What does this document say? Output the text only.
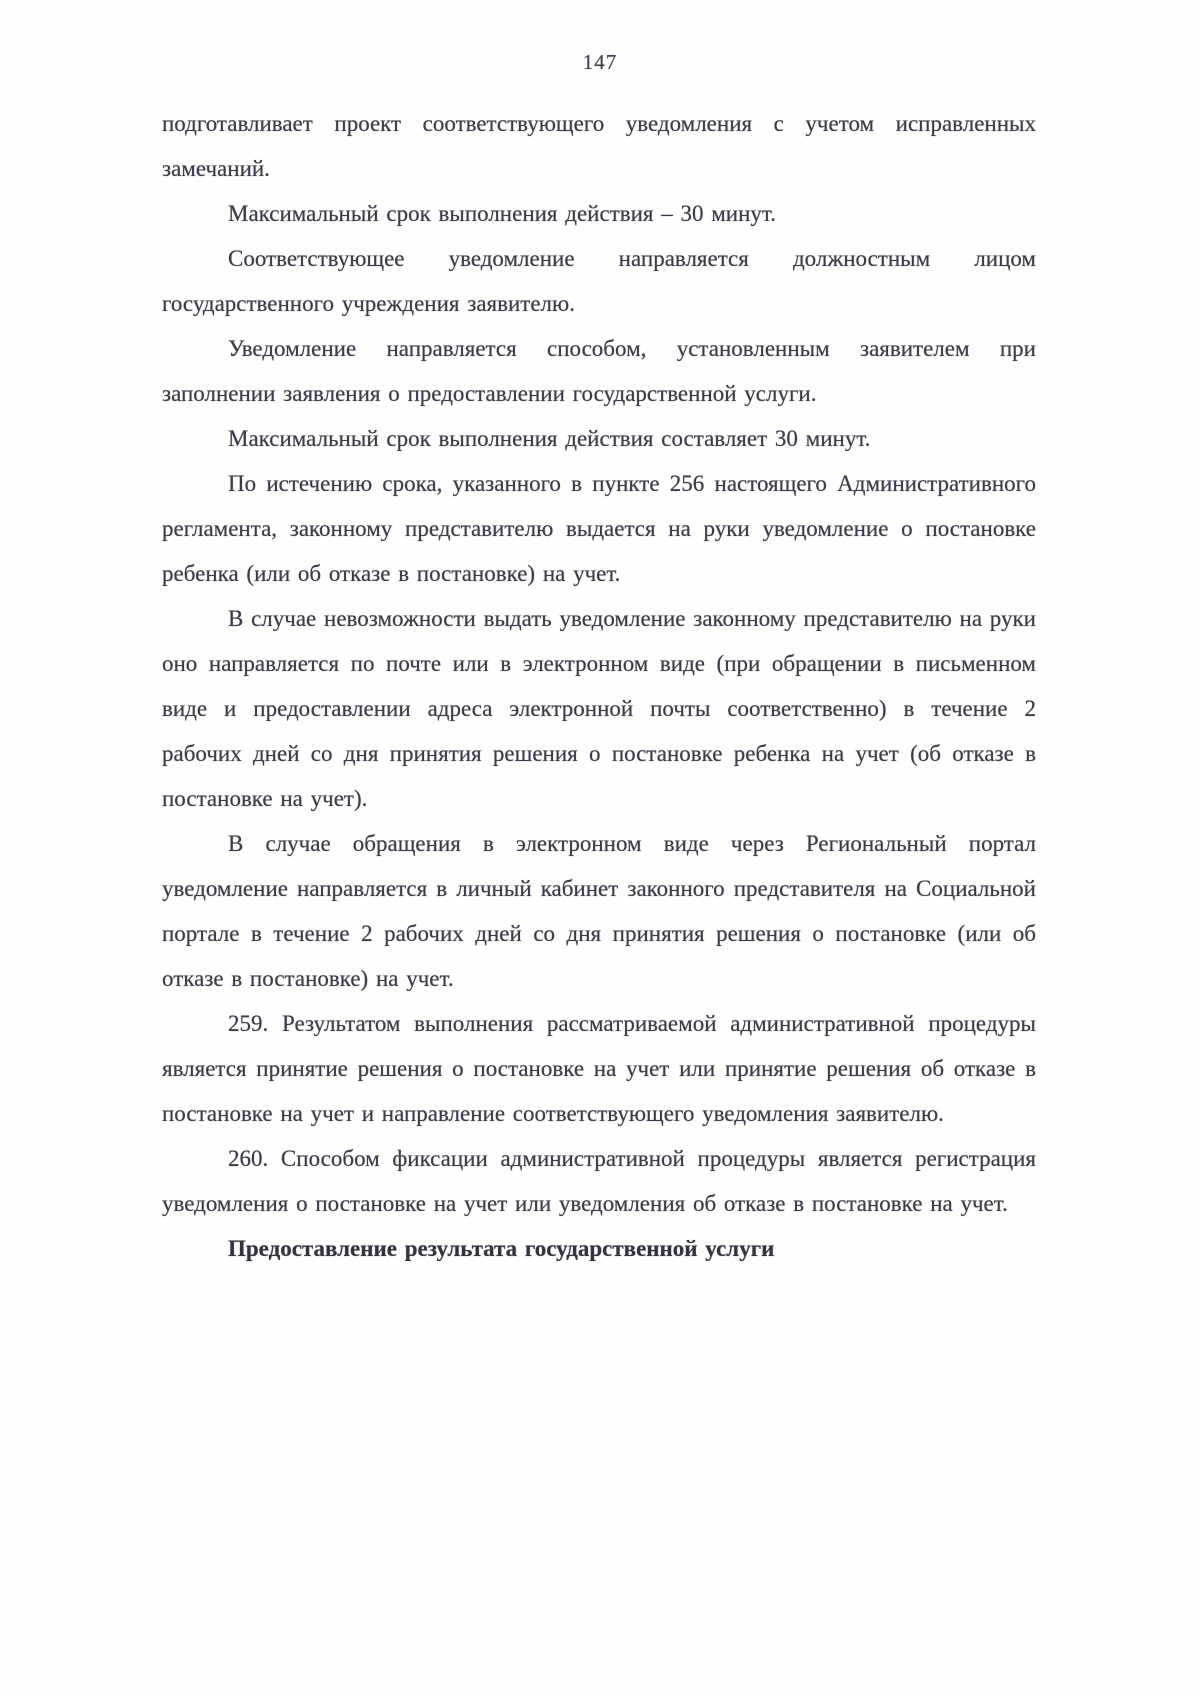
147

подготавливает проект соответствующего уведомления с учетом исправленных замечаний.

Максимальный срок выполнения действия – 30 минут.

Соответствующее уведомление направляется должностным лицом государственного учреждения заявителю.

Уведомление направляется способом, установленным заявителем при заполнении заявления о предоставлении государственной услуги.

Максимальный срок выполнения действия составляет 30 минут.

По истечению срока, указанного в пункте 256 настоящего Административного регламента, законному представителю выдается на руки уведомление о постановке ребенка (или об отказе в постановке) на учет.

В случае невозможности выдать уведомление законному представителю на руки оно направляется по почте или в электронном виде (при обращении в письменном виде и предоставлении адреса электронной почты соответственно) в течение 2 рабочих дней со дня принятия решения о постановке ребенка на учет (об отказе в постановке на учет).

В случае обращения в электронном виде через Региональный портал уведомление направляется в личный кабинет законного представителя на Социальной портале в течение 2 рабочих дней со дня принятия решения о постановке (или об отказе в постановке) на учет.

259. Результатом выполнения рассматриваемой административной процедуры является принятие решения о постановке на учет или принятие решения об отказе в постановке на учет и направление соответствующего уведомления заявителю.

260. Способом фиксации административной процедуры является регистрация уведомления о постановке на учет или уведомления об отказе в постановке на учет.

Предоставление результата государственной услуги
